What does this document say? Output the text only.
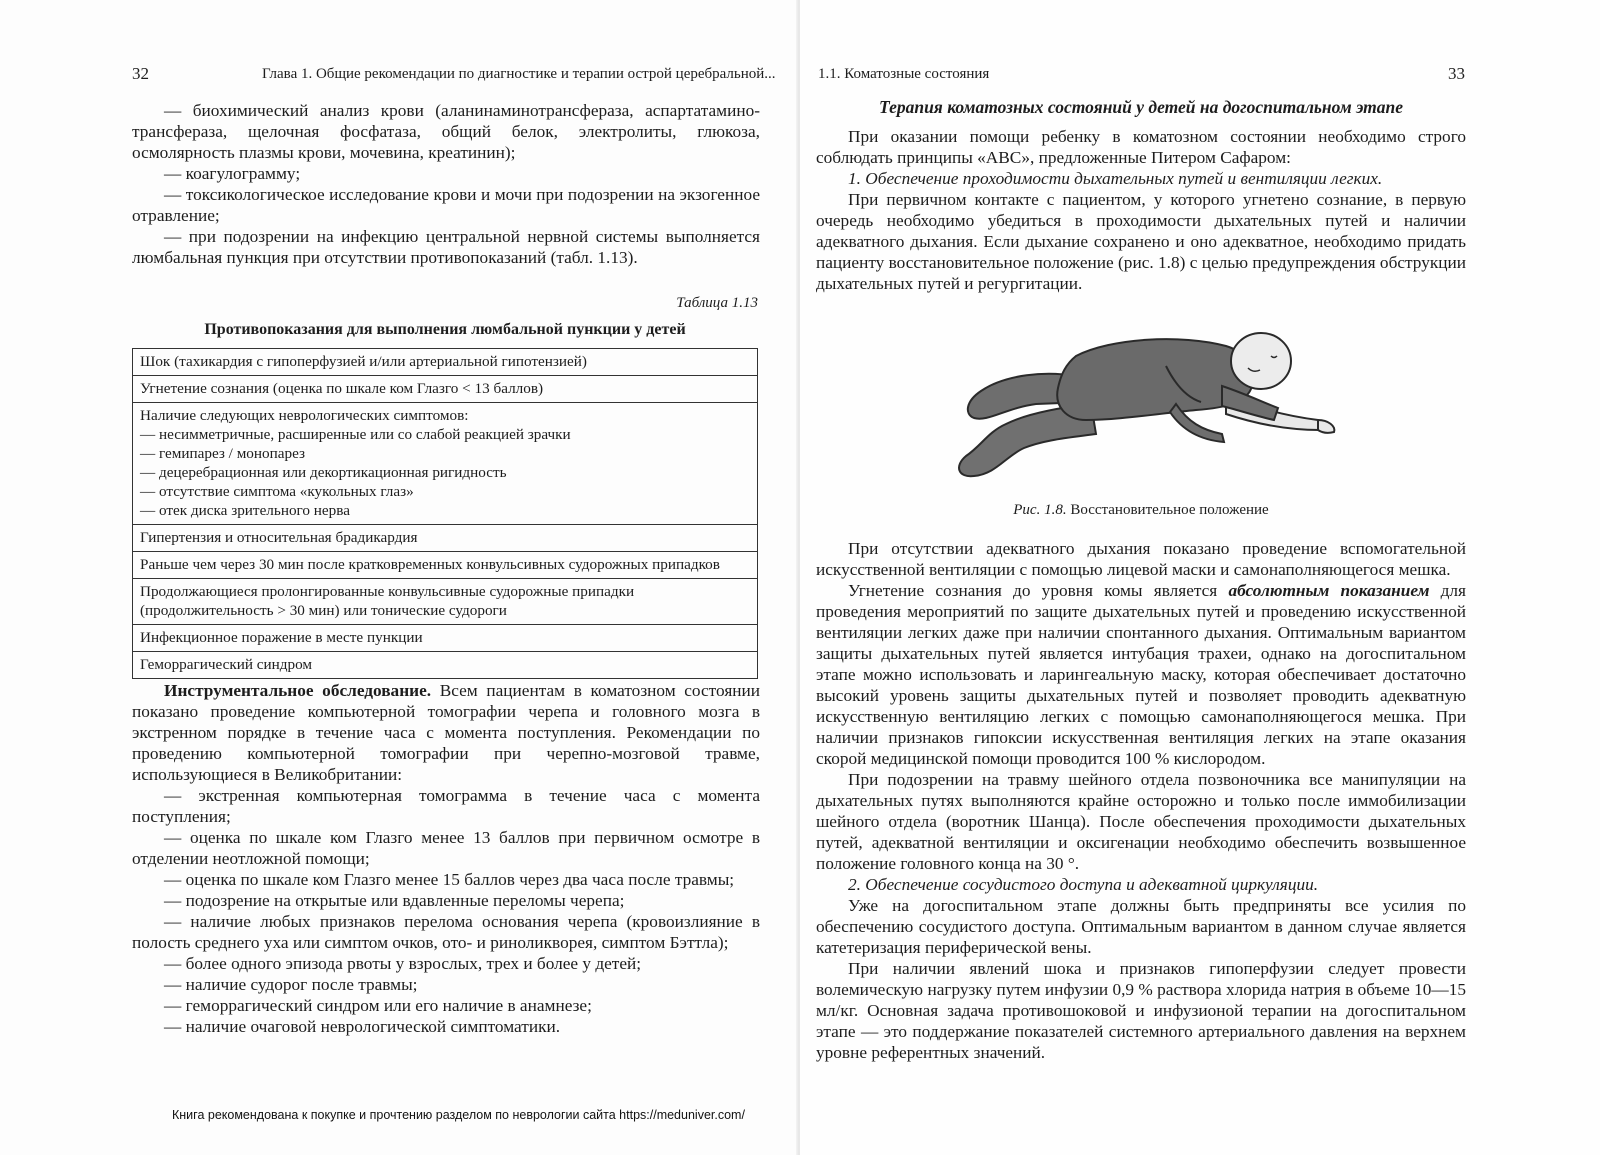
32	Глава 1. Общие рекомендации по диагностике и терапии острой церебральной...

— биохимический анализ крови (аланинаминотрансфераза, аспартатамино-трансфераза, щелочная фосфатаза, общий белок, электролиты, глюкоза, осмолярность плазмы крови, мочевина, креатинин);

— коагулограмму;

— токсикологическое исследование крови и мочи при подозрении на экзогенное отравление;

— при подозрении на инфекцию центральной нервной системы выполняется люмбальная пункция при отсутствии противопоказаний (табл. 1.13).

Таблица 1.13
Противопоказания для выполнения люмбальной пункции у детей
Шок (тахикардия с гипоперфузией и/или артериальной гипотензией)
Угнетение сознания (оценка по шкале ком Глазго < 13 баллов)

Наличие следующих неврологических симптомов:
— несимметричные, расширенные или со слабой реакцией зрачки
— гемипарез / монопарез
— децеребрационная или декортикационная ригидность
— отсутствие симптома «кукольных глаз»
— отек диска зрительного нерва

Гипертензия и относительная брадикардия
Раньше чем через 30 мин после кратковременных конвульсивных судорожных припадков
Продолжающиеся пролонгированные конвульсивные судорожные припадки (продолжительность > 30 мин) или тонические судороги
Инфекционное поражение в месте пункции
Геморрагический синдром

Инструментальное обследование. Всем пациентам в коматозном состоянии показано проведение компьютерной томографии черепа и головного мозга в экстренном порядке в течение часа с момента поступления. Рекомендации по проведению компьютерной томографии при черепно-мозговой травме, использующиеся в Великобритании:

— экстренная компьютерная томограмма в течение часа с момента поступления;

— оценка по шкале ком Глазго менее 13 баллов при первичном осмотре в отделении неотложной помощи;

— оценка по шкале ком Глазго менее 15 баллов через два часа после травмы;

— подозрение на открытые или вдавленные переломы черепа;

— наличие любых признаков перелома основания черепа (кровоизлияние в полость среднего уха или симптом очков, ото- и риноликворея, симптом Бэттла);

— более одного эпизода рвоты у взрослых, трех и более у детей;

— наличие судорог после травмы;

— геморрагический синдром или его наличие в анамнезе;

— наличие очаговой неврологической симптоматики.

1.1. Коматозные состояния	33

Терапия коматозных состояний у детей на догоспитальном этапе

При оказании помощи ребенку в коматозном состоянии необходимо строго соблюдать принципы «ABC», предложенные Питером Сафаром:

1. Обеспечение проходимости дыхательных путей и вентиляции легких.

При первичном контакте с пациентом, у которого угнетено сознание, в первую очередь необходимо убедиться в проходимости дыхательных путей и наличии адекватного дыхания. Если дыхание сохранено и оно адекватное, необходимо придать пациенту восстановительное положение (рис. 1.8) с целью предупреждения обструкции дыхательных путей и регургитации.

Рис. 1.8. Восстановительное положение

При отсутствии адекватного дыхания показано проведение вспомогательной искусственной вентиляции с помощью лицевой маски и самонаполняющегося мешка.

Угнетение сознания до уровня комы является абсолютным показанием для проведения мероприятий по защите дыхательных путей и проведению искусственной вентиляции легких даже при наличии спонтанного дыхания. Оптимальным вариантом защиты дыхательных путей является интубация трахеи, однако на догоспитальном этапе можно использовать и ларингеальную маску, которая обеспечивает достаточно высокий уровень защиты дыхательных путей и позволяет проводить адекватную искусственную вентиляцию легких с помощью самонаполняющегося мешка. При наличии признаков гипоксии искусственная вентиляция легких на этапе оказания скорой медицинской помощи проводится 100 % кислородом.

При подозрении на травму шейного отдела позвоночника все манипуляции на дыхательных путях выполняются крайне осторожно и только после иммобилизации шейного отдела (воротник Шанца). После обеспечения проходимости дыхательных путей, адекватной вентиляции и оксигенации необходимо обеспечить возвышенное положение головного конца на 30 °.

2. Обеспечение сосудистого доступа и адекватной циркуляции.

Уже на догоспитальном этапе должны быть предприняты все усилия по обеспечению сосудистого доступа. Оптимальным вариантом в данном случае является катетеризация периферической вены.

При наличии явлений шока и признаков гипоперфузии следует провести волемическую нагрузку путем инфузии 0,9 % раствора хлорида натрия в объеме 10—15 мл/кг. Основная задача противошоковой и инфузионой терапии на догоспитальном этапе — это поддержание показателей системного артериального давления на верхнем уровне референтных значений.

Книга рекомендована к покупке и прочтению разделом по неврологии сайта https://meduniver.com/
